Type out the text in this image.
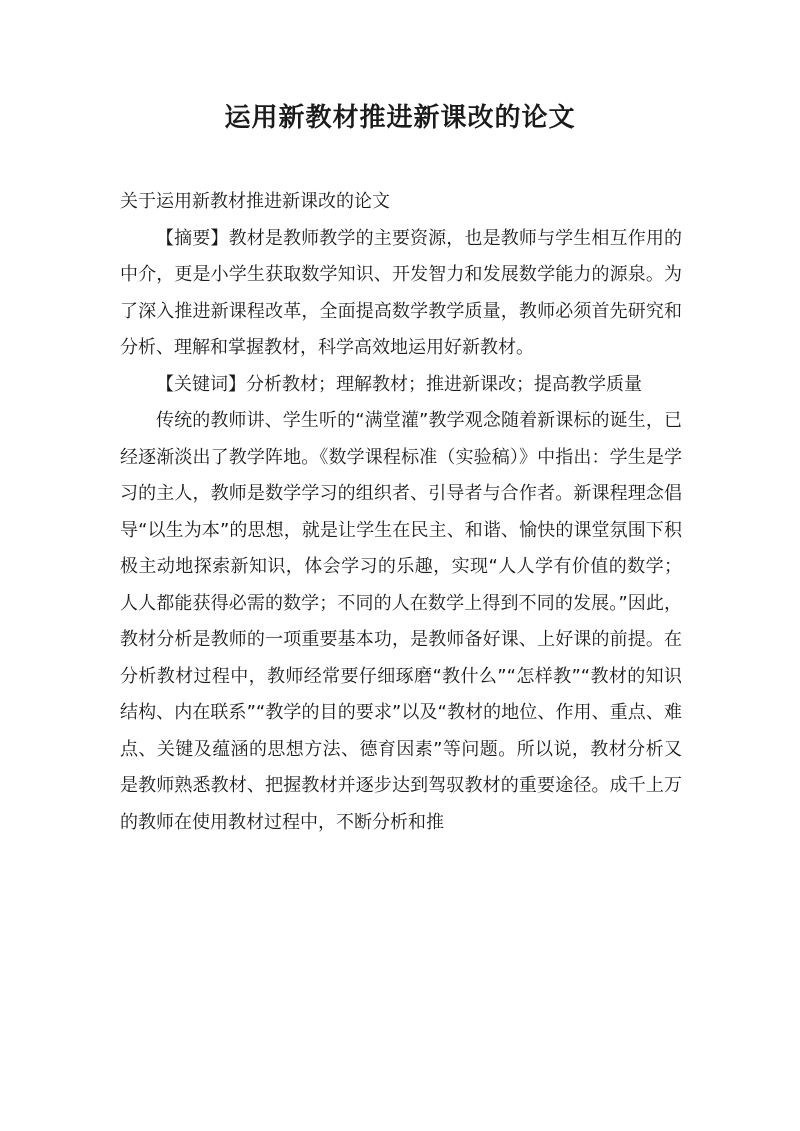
运用新教材推进新课改的论文

关于运用新教材推进新课改的论文

【摘要】教材是教师教学的主要资源，也是教师与学生相互作用的中介，更是小学生获取数学知识、开发智力和发展数学能力的源泉。为了深入推进新课程改革，全面提高数学教学质量，教师必须首先研究和分析、理解和掌握教材，科学高效地运用好新教材。

【关键词】分析教材；理解教材；推进新课改；提高教学质量

传统的教师讲、学生听的“满堂灌”教学观念随着新课标的诞生，已经逐渐淡出了教学阵地。《数学课程标准（实验稿）》中指出：学生是学习的主人，教师是数学学习的组织者、引导者与合作者。新课程理念倡导“以生为本”的思想，就是让学生在民主、和谐、愉快的课堂氛围下积极主动地探索新知识，体会学习的乐趣，实现“人人学有价值的数学；人人都能获得必需的数学；不同的人在数学上得到不同的发展。”因此，教材分析是教师的一项重要基本功，是教师备好课、上好课的前提。在分析教材过程中，教师经常要仔细琢磨“教什么”“怎样教”“教材的知识结构、内在联系”“教学的目的要求”以及“教材的地位、作用、重点、难点、关键及蕴涵的思想方法、德育因素”等问题。所以说，教材分析又是教师熟悉教材、把握教材并逐步达到驾驭教材的重要途径。成千上万的教师在使用教材过程中，不断分析和推
